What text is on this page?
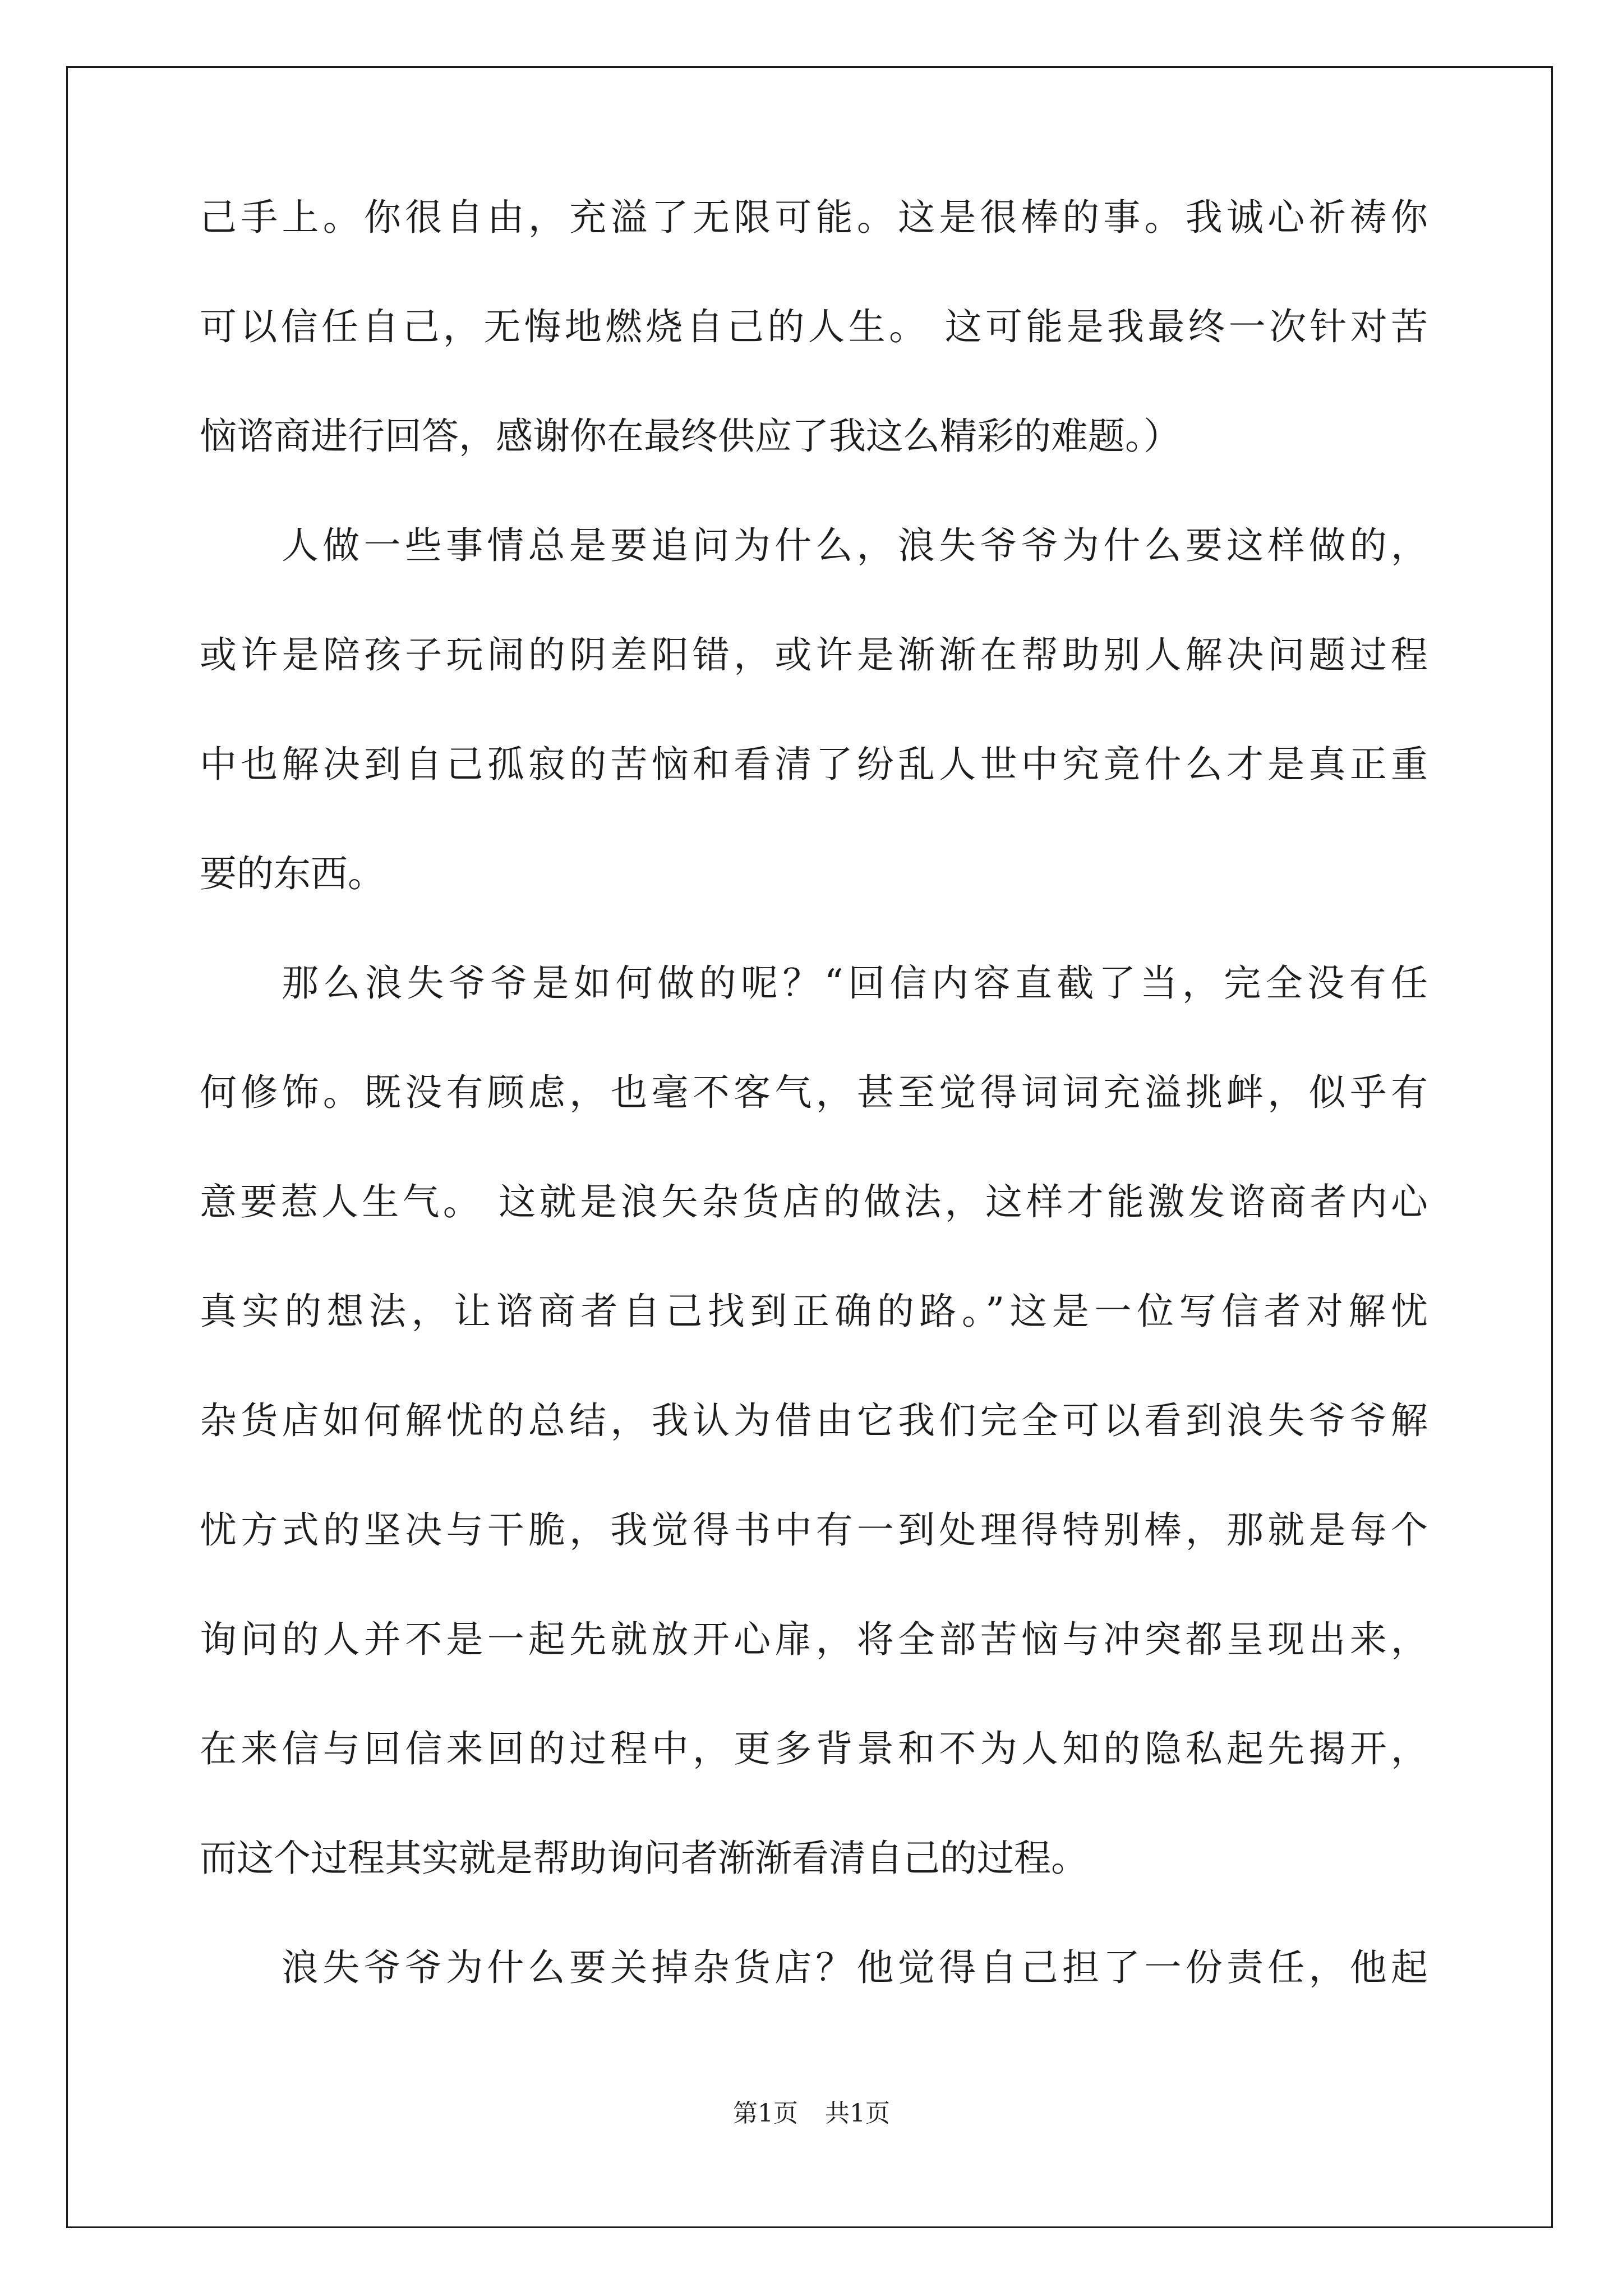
己手上。你很自由，充溢了无限可能。这是很棒的事。我诚心祈祷你
可以信任自己，无悔地燃烧自己的人生。 这可能是我最终一次针对苦
恼谘商进行回答，感谢你在最终供应了我这么精彩的难题。）
人做一些事情总是要追问为什么，浪失爷爷为什么要这样做的，
或许是陪孩子玩闹的阴差阳错，或许是渐渐在帮助别人解决问题过程
中也解决到自己孤寂的苦恼和看清了纷乱人世中究竟什么才是真正重
要的东西。
那么浪失爷爷是如何做的呢？“回信内容直截了当，完全没有任
何修饰。既没有顾虑，也毫不客气，甚至觉得词词充溢挑衅，似乎有
意要惹人生气。 这就是浪矢杂货店的做法，这样才能激发谘商者内心
真实的想法，让谘商者自己找到正确的路。”这是一位写信者对解忧
杂货店如何解忧的总结，我认为借由它我们完全可以看到浪失爷爷解
忧方式的坚决与干脆，我觉得书中有一到处理得特别棒，那就是每个
询问的人并不是一起先就放开心扉，将全部苦恼与冲突都呈现出来，
在来信与回信来回的过程中，更多背景和不为人知的隐私起先揭开，
而这个过程其实就是帮助询问者渐渐看清自己的过程。
浪失爷爷为什么要关掉杂货店？他觉得自己担了一份责任，他起
第1页 共1页
